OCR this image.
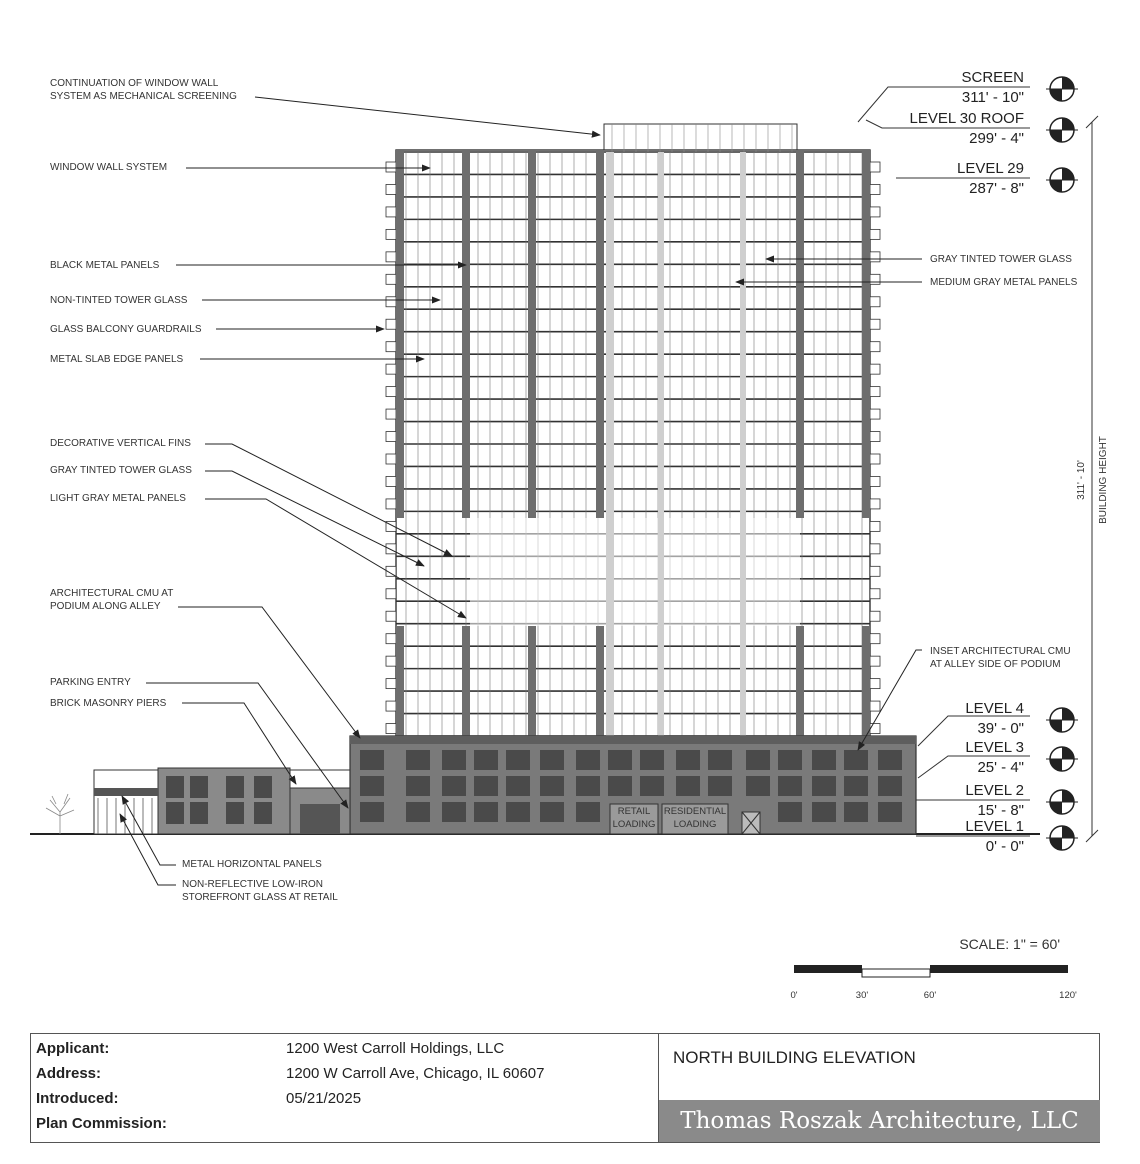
RETAIL
LOADING
RESIDENTIAL
LOADING
CONTINUATION OF WINDOW WALL
SYSTEM AS MECHANICAL SCREENING
WINDOW WALL SYSTEM
BLACK METAL PANELS
NON-TINTED TOWER GLASS
GLASS BALCONY GUARDRAILS
METAL SLAB EDGE PANELS
DECORATIVE VERTICAL FINS
GRAY TINTED TOWER GLASS
LIGHT GRAY METAL PANELS
ARCHITECTURAL CMU AT
PODIUM ALONG ALLEY
PARKING ENTRY
BRICK MASONRY PIERS
GRAY TINTED TOWER GLASS
MEDIUM GRAY METAL PANELS
INSET ARCHITECTURAL CMU
AT ALLEY SIDE OF PODIUM
METAL HORIZONTAL PANELS
NON-REFLECTIVE LOW-IRON
STOREFRONT GLASS AT RETAIL
SCREEN
311' - 10"
LEVEL 30 ROOF
299' - 4"
LEVEL 29
287' - 8"
LEVEL 4
39' - 0"
LEVEL 3
25' - 4"
LEVEL 2
15' - 8"
LEVEL 1
0' - 0"
311' - 10' BUILDING HEIGHT
SCALE: 1" = 60'
0'	30'	60'	120'
Applicant:	1200 West Carroll Holdings, LLC
Address:	1200 W Carroll Ave, Chicago, IL 60607
Introduced:	05/21/2025
Plan Commission:
NORTH BUILDING ELEVATION
Thomas Roszak Architecture, LLC
